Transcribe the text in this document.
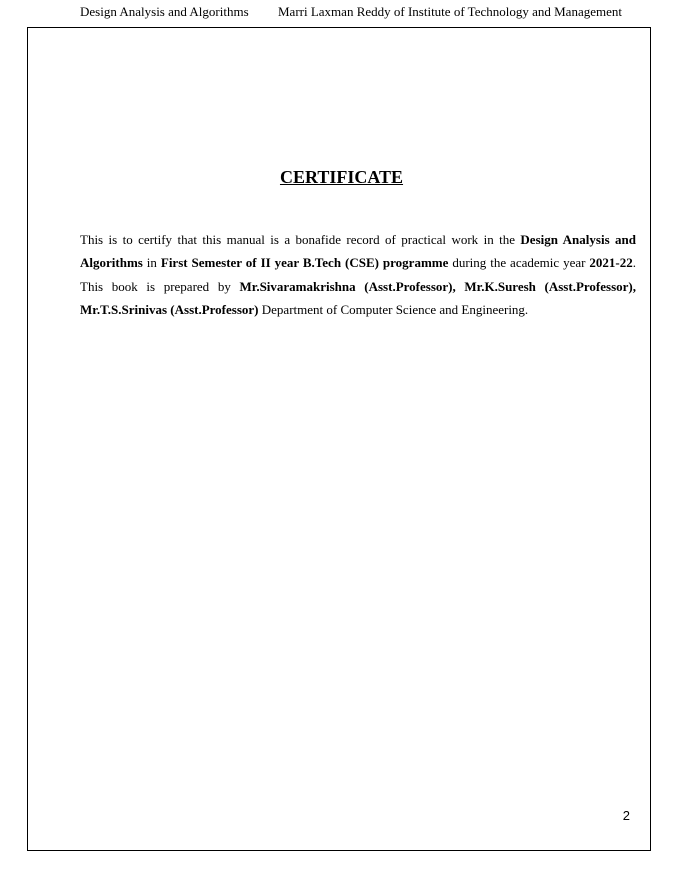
Design Analysis and Algorithms Marri Laxman Reddy of Institute of Technology and Management
CERTIFICATE

This is to certify that this manual is a bonafide record of practical work in the Design Analysis and Algorithms in First Semester of II year B.Tech (CSE) programme during the academic year 2021-22. This book is prepared by Mr.Sivaramakrishna (Asst.Professor), Mr.K.Suresh (Asst.Professor), Mr.T.S.Srinivas (Asst.Professor) Department of Computer Science and Engineering.

2
